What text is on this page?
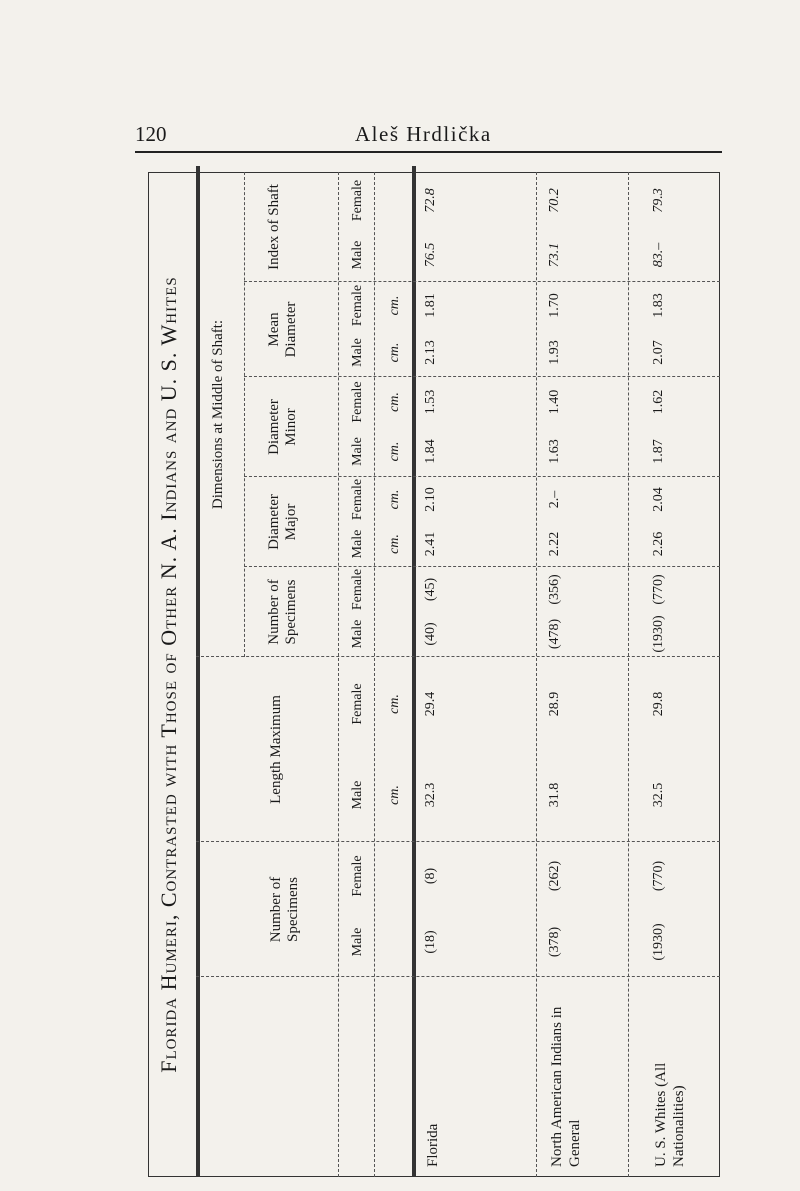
120	Aleš Hrdlička
Florida Humeri, Contrasted with Those of Other N. A. Indians and U. S. Whites	Number of Specimens
Length Maximum
Dimensions at Middle of Shaft:
Number of Specimens
Diameter Major
Diameter Minor
Mean Diameter
Index of Shaft
Male
Female
Male
Female
Male
Female
Male
Female
Male
Female
Male
Female
Male
Female
cm.
cm.
cm.
cm.
cm.
cm.
cm.
cm.
Florida
(18)
(8)
32.3
29.4
(40)
(45)
2.41
2.10
1.84
1.53
2.13
1.81
76.5
72.8
North American Indians in General
(378)
(262)
31.8
28.9
(478)
(356)
2.22
2.–
1.63
1.40
1.93
1.70
73.1
70.2
U. S. Whites (All Nationalities)
(1930)
(770)
32.5
29.8
(1930)
(770)
2.26
2.04
1.87
1.62
2.07
1.83
83.–
79.3
